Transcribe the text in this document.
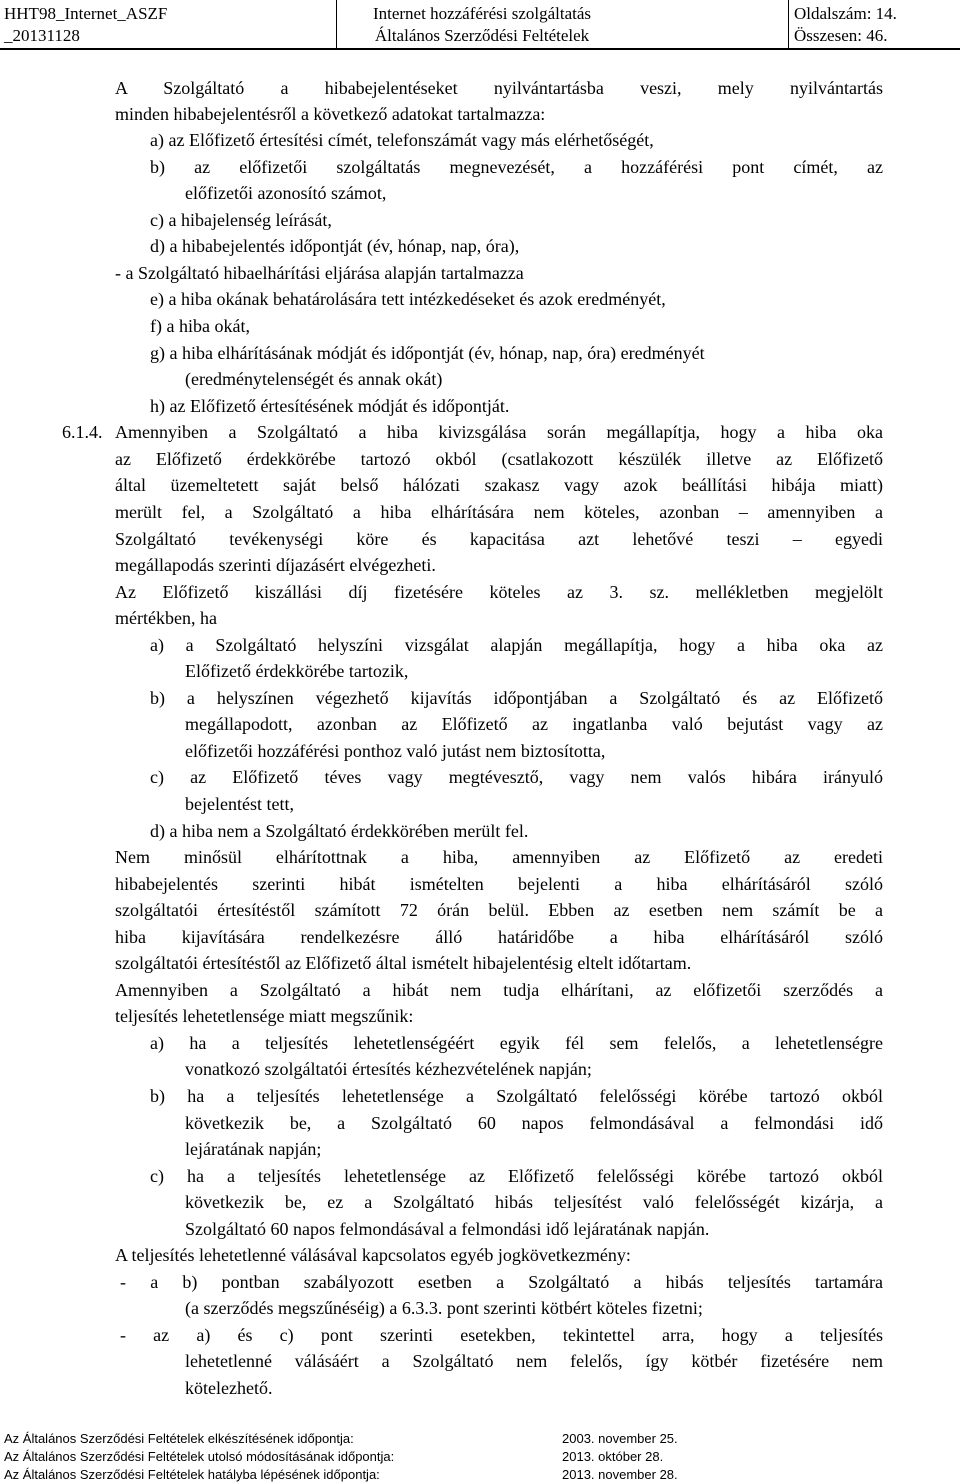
HHT98_Internet_ASZF
_20131128
Internet hozzáférési szolgáltatás
Általános Szerződési Feltételek
Oldalszám: 14.
Összesen: 46.
A Szolgáltató a hibabejelentéseket nyilvántartásba veszi, mely nyilvántartás
minden hibabejelentésről a következő adatokat tartalmazza:
a) az Előfizető értesítési címét, telefonszámát vagy más elérhetőségét,
b) az előfizetői szolgáltatás megnevezését, a hozzáférési pont címét, az
előfizetői azonosító számot,
c) a hibajelenség leírását,
d) a hibabejelentés időpontját (év, hónap, nap, óra),
- a Szolgáltató hibaelhárítási eljárása alapján tartalmazza
e) a hiba okának behatárolására tett intézkedéseket és azok eredményét,
f) a hiba okát,
g) a hiba elhárításának módját és időpontját (év, hónap, nap, óra) eredményét
(eredménytelenségét és annak okát)
h) az Előfizető értesítésének módját és időpontját.
6.1.4. Amennyiben a Szolgáltató a hiba kivizsgálása során megállapítja, hogy a hiba oka
az Előfizető érdekkörébe tartozó okból (csatlakozott készülék illetve az Előfizető
által üzemeltetett saját belső hálózati szakasz vagy azok beállítási hibája miatt)
merült fel, a Szolgáltató a hiba elhárítására nem köteles, azonban – amennyiben a
Szolgáltató tevékenységi köre és kapacitása azt lehetővé teszi – egyedi
megállapodás szerinti díjazásért elvégezheti.
Az Előfizető kiszállási díj fizetésére köteles az 3. sz. mellékletben megjelölt
mértékben, ha
a) a Szolgáltató helyszíni vizsgálat alapján megállapítja, hogy a hiba oka az
Előfizető érdekkörébe tartozik,
b) a helyszínen végezhető kijavítás időpontjában a Szolgáltató és az Előfizető
megállapodott, azonban az Előfizető az ingatlanba való bejutást vagy az
előfizetői hozzáférési ponthoz való jutást nem biztosította,
c) az Előfizető téves vagy megtévesztő, vagy nem valós hibára irányuló
bejelentést tett,
d) a hiba nem a Szolgáltató érdekkörében merült fel.
Nem minősül elhárítottnak a hiba, amennyiben az Előfizető az eredeti
hibabejelentés szerinti hibát ismételten bejelenti a hiba elhárításáról szóló
szolgáltatói értesítéstől számított 72 órán belül. Ebben az esetben nem számít be a
hiba kijavítására rendelkezésre álló határidőbe a hiba elhárításáról szóló
szolgáltatói értesítéstől az Előfizető által ismételt hibajelentésig eltelt időtartam.
Amennyiben a Szolgáltató a hibát nem tudja elhárítani, az előfizetői szerződés a
teljesítés lehetetlensége miatt megszűnik:
a) ha a teljesítés lehetetlenségéért egyik fél sem felelős, a lehetetlenségre
vonatkozó szolgáltatói értesítés kézhezvételének napján;
b) ha a teljesítés lehetetlensége a Szolgáltató felelősségi körébe tartozó okból
következik be, a Szolgáltató 60 napos felmondásával a felmondási idő
lejáratának napján;
c) ha a teljesítés lehetetlensége az Előfizető felelősségi körébe tartozó okból
következik be, ez a Szolgáltató hibás teljesítést való felelősségét kizárja, a
Szolgáltató 60 napos felmondásával a felmondási idő lejáratának napján.
A teljesítés lehetetlenné válásával kapcsolatos egyéb jogkövetkezmény:
- a b) pontban szabályozott esetben a Szolgáltató a hibás teljesítés tartamára
(a szerződés megszűnéséig) a 6.3.3. pont szerinti kötbért köteles fizetni;
- az a) és c) pont szerinti esetekben, tekintettel arra, hogy a teljesítés
lehetetlenné válásáért a Szolgáltató nem felelős, így kötbér fizetésére nem
kötelezhető.
Az Általános Szerződési Feltételek elkészítésének időpontja:	2003. november 25.
Az Általános Szerződési Feltételek utolsó módosításának időpontja:	2013. október 28.
Az Általános Szerződési Feltételek hatályba lépésének időpontja:	2013. november 28.
